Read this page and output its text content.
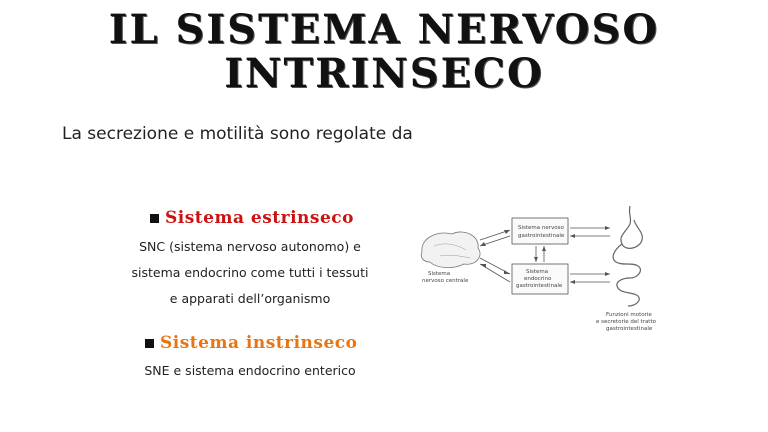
IL SISTEMA NERVOSO
INTRINSECO
La secrezione e motilità sono regolate da
Sistema estrinseco
SNC (sistema nervoso autonomo) e
sistema endocrino come tutti i tessuti
e apparati dell’organismo
Sistema instrinseco
SNE e sistema endocrino enterico
Sistema
nervoso centrale
Sistema nervoso
gastrointestinale
Sistema
endocrino
gastrointestinale
Funzioni motorie
e secretorie del tratto
gastrointestinale
